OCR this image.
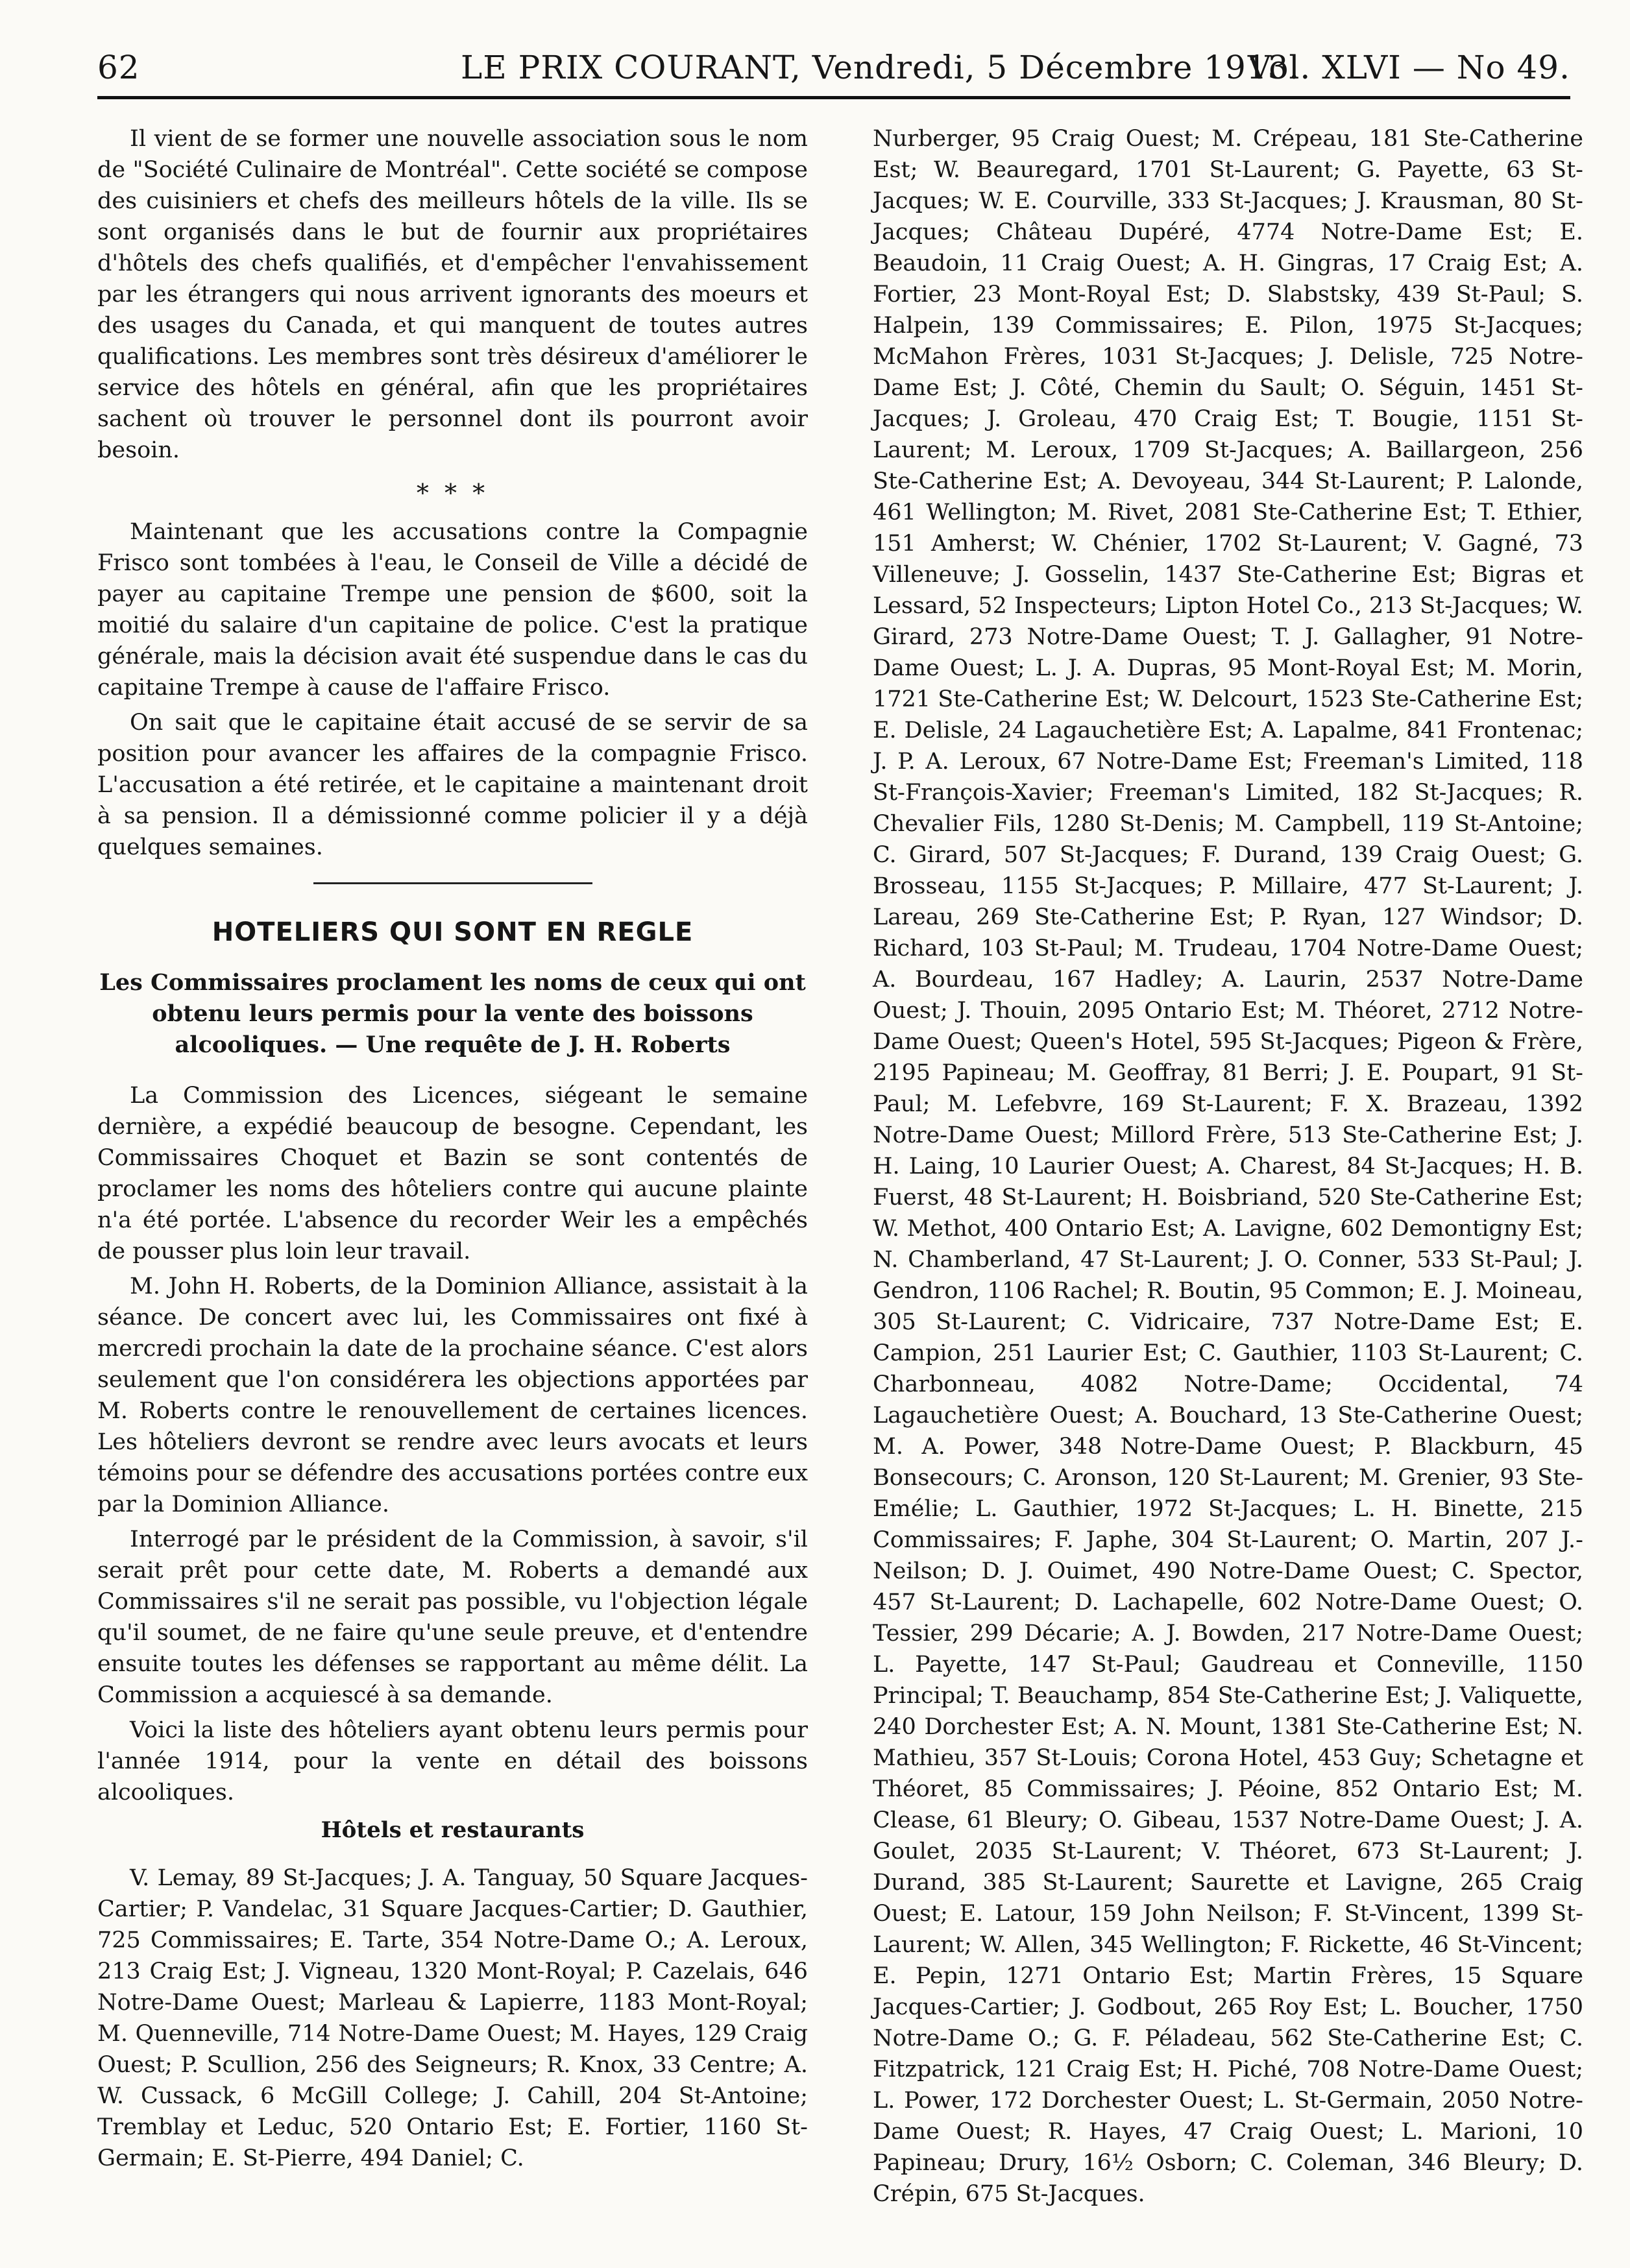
62	LE PRIX COURANT, Vendredi, 5 Décembre 1913.
Vol. XLVI — No 49.

Il vient de se former une nouvelle association sous le nom de "Société Culinaire de Montréal". Cette société se compose des cuisiniers et chefs des meilleurs hôtels de la ville. Ils se sont organisés dans le but de fournir aux propriétaires d'hôtels des chefs qualifiés, et d'empêcher l'envahissement par les étrangers qui nous arrivent ignorants des moeurs et des usages du Canada, et qui manquent de toutes autres qualifications. Les membres sont très désireux d'améliorer le service des hôtels en général, afin que les propriétaires sachent où trouver le personnel dont ils pourront avoir besoin.

* * *

Maintenant que les accusations contre la Compagnie Frisco sont tombées à l'eau, le Conseil de Ville a décidé de payer au capitaine Trempe une pension de $600, soit la moitié du salaire d'un capitaine de police. C'est la pratique générale, mais la décision avait été suspendue dans le cas du capitaine Trempe à cause de l'affaire Frisco.

On sait que le capitaine était accusé de se servir de sa position pour avancer les affaires de la compagnie Frisco. L'accusation a été retirée, et le capitaine a maintenant droit à sa pension. Il a démissionné comme policier il y a déjà quelques semaines.

HOTELIERS QUI SONT EN REGLE
Les Commissaires proclament les noms de ceux qui ont obtenu leurs permis pour la vente des boissons alcooliques. — Une requête de J. H. Roberts

La Commission des Licences, siégeant le semaine dernière, a expédié beaucoup de besogne. Cependant, les Commissaires Choquet et Bazin se sont contentés de proclamer les noms des hôteliers contre qui aucune plainte n'a été portée. L'absence du recorder Weir les a empêchés de pousser plus loin leur travail.

M. John H. Roberts, de la Dominion Alliance, assistait à la séance. De concert avec lui, les Commissaires ont fixé à mercredi prochain la date de la prochaine séance. C'est alors seulement que l'on considérera les objections apportées par M. Roberts contre le renouvellement de certaines licences. Les hôteliers devront se rendre avec leurs avocats et leurs témoins pour se défendre des accusations portées contre eux par la Dominion Alliance.

Interrogé par le président de la Commission, à savoir, s'il serait prêt pour cette date, M. Roberts a demandé aux Commissaires s'il ne serait pas possible, vu l'objection légale qu'il soumet, de ne faire qu'une seule preuve, et d'entendre ensuite toutes les défenses se rapportant au même délit. La Commission a acquiescé à sa demande.

Voici la liste des hôteliers ayant obtenu leurs permis pour l'année 1914, pour la vente en détail des boissons alcooliques.

Hôtels et restaurants

V. Lemay, 89 St-Jacques; J. A. Tanguay, 50 Square Jacques-Cartier; P. Vandelac, 31 Square Jacques-Cartier; D. Gauthier, 725 Commissaires; E. Tarte, 354 Notre-Dame O.; A. Leroux, 213 Craig Est; J. Vigneau, 1320 Mont-Royal; P. Cazelais, 646 Notre-Dame Ouest; Marleau & Lapierre, 1183 Mont-Royal; M. Quenneville, 714 Notre-Dame Ouest; M. Hayes, 129 Craig Ouest; P. Scullion, 256 des Seigneurs; R. Knox, 33 Centre; A. W. Cussack, 6 McGill College; J. Cahill, 204 St-Antoine; Tremblay et Leduc, 520 Ontario Est; E. Fortier, 1160 St-Germain; E. St-Pierre, 494 Daniel; C.

Nurberger, 95 Craig Ouest; M. Crépeau, 181 Ste-Catherine Est; W. Beauregard, 1701 St-Laurent; G. Payette, 63 St-Jacques; W. E. Courville, 333 St-Jacques; J. Krausman, 80 St-Jacques; Château Dupéré, 4774 Notre-Dame Est; E. Beaudoin, 11 Craig Ouest; A. H. Gingras, 17 Craig Est; A. Fortier, 23 Mont-Royal Est; D. Slabstsky, 439 St-Paul; S. Halpein, 139 Commissaires; E. Pilon, 1975 St-Jacques; McMahon Frères, 1031 St-Jacques; J. Delisle, 725 Notre-Dame Est; J. Côté, Chemin du Sault; O. Séguin, 1451 St-Jacques; J. Groleau, 470 Craig Est; T. Bougie, 1151 St-Laurent; M. Leroux, 1709 St-Jacques; A. Baillargeon, 256 Ste-Catherine Est; A. Devoyeau, 344 St-Laurent; P. Lalonde, 461 Wellington; M. Rivet, 2081 Ste-Catherine Est; T. Ethier, 151 Amherst; W. Chénier, 1702 St-Laurent; V. Gagné, 73 Villeneuve; J. Gosselin, 1437 Ste-Catherine Est; Bigras et Lessard, 52 Inspecteurs; Lipton Hotel Co., 213 St-Jacques; W. Girard, 273 Notre-Dame Ouest; T. J. Gallagher, 91 Notre-Dame Ouest; L. J. A. Dupras, 95 Mont-Royal Est; M. Morin, 1721 Ste-Catherine Est; W. Delcourt, 1523 Ste-Catherine Est; E. Delisle, 24 Lagauchetière Est; A. Lapalme, 841 Frontenac; J. P. A. Leroux, 67 Notre-Dame Est; Freeman's Limited, 118 St-François-Xavier; Freeman's Limited, 182 St-Jacques; R. Chevalier Fils, 1280 St-Denis; M. Campbell, 119 St-Antoine; C. Girard, 507 St-Jacques; F. Durand, 139 Craig Ouest; G. Brosseau, 1155 St-Jacques; P. Millaire, 477 St-Laurent; J. Lareau, 269 Ste-Catherine Est; P. Ryan, 127 Windsor; D. Richard, 103 St-Paul; M. Trudeau, 1704 Notre-Dame Ouest; A. Bourdeau, 167 Hadley; A. Laurin, 2537 Notre-Dame Ouest; J. Thouin, 2095 Ontario Est; M. Théoret, 2712 Notre-Dame Ouest; Queen's Hotel, 595 St-Jacques; Pigeon & Frère, 2195 Papineau; M. Geoffray, 81 Berri; J. E. Poupart, 91 St-Paul; M. Lefebvre, 169 St-Laurent; F. X. Brazeau, 1392 Notre-Dame Ouest; Millord Frère, 513 Ste-Catherine Est; J. H. Laing, 10 Laurier Ouest; A. Charest, 84 St-Jacques; H. B. Fuerst, 48 St-Laurent; H. Boisbriand, 520 Ste-Catherine Est; W. Methot, 400 Ontario Est; A. Lavigne, 602 Demontigny Est; N. Chamberland, 47 St-Laurent; J. O. Conner, 533 St-Paul; J. Gendron, 1106 Rachel; R. Boutin, 95 Common; E. J. Moineau, 305 St-Laurent; C. Vidricaire, 737 Notre-Dame Est; E. Campion, 251 Laurier Est; C. Gauthier, 1103 St-Laurent; C. Charbonneau, 4082 Notre-Dame; Occidental, 74 Lagauchetière Ouest; A. Bouchard, 13 Ste-Catherine Ouest; M. A. Power, 348 Notre-Dame Ouest; P. Blackburn, 45 Bonsecours; C. Aronson, 120 St-Laurent; M. Grenier, 93 Ste-Emélie; L. Gauthier, 1972 St-Jacques; L. H. Binette, 215 Commissaires; F. Japhe, 304 St-Laurent; O. Martin, 207 J.-Neilson; D. J. Ouimet, 490 Notre-Dame Ouest; C. Spector, 457 St-Laurent; D. Lachapelle, 602 Notre-Dame Ouest; O. Tessier, 299 Décarie; A. J. Bowden, 217 Notre-Dame Ouest; L. Payette, 147 St-Paul; Gaudreau et Conneville, 1150 Principal; T. Beauchamp, 854 Ste-Catherine Est; J. Valiquette, 240 Dorchester Est; A. N. Mount, 1381 Ste-Catherine Est; N. Mathieu, 357 St-Louis; Corona Hotel, 453 Guy; Schetagne et Théoret, 85 Commissaires; J. Péoine, 852 Ontario Est; M. Clease, 61 Bleury; O. Gibeau, 1537 Notre-Dame Ouest; J. A. Goulet, 2035 St-Laurent; V. Théoret, 673 St-Laurent; J. Durand, 385 St-Laurent; Saurette et Lavigne, 265 Craig Ouest; E. Latour, 159 John Neilson; F. St-Vincent, 1399 St-Laurent; W. Allen, 345 Wellington; F. Rickette, 46 St-Vincent; E. Pepin, 1271 Ontario Est; Martin Frères, 15 Square Jacques-Cartier; J. Godbout, 265 Roy Est; L. Boucher, 1750 Notre-Dame O.; G. F. Péladeau, 562 Ste-Catherine Est; C. Fitzpatrick, 121 Craig Est; H. Piché, 708 Notre-Dame Ouest; L. Power, 172 Dorchester Ouest; L. St-Germain, 2050 Notre-Dame Ouest; R. Hayes, 47 Craig Ouest; L. Marioni, 10 Papineau; Drury, 16½ Osborn; C. Coleman, 346 Bleury; D. Crépin, 675 St-Jacques.
